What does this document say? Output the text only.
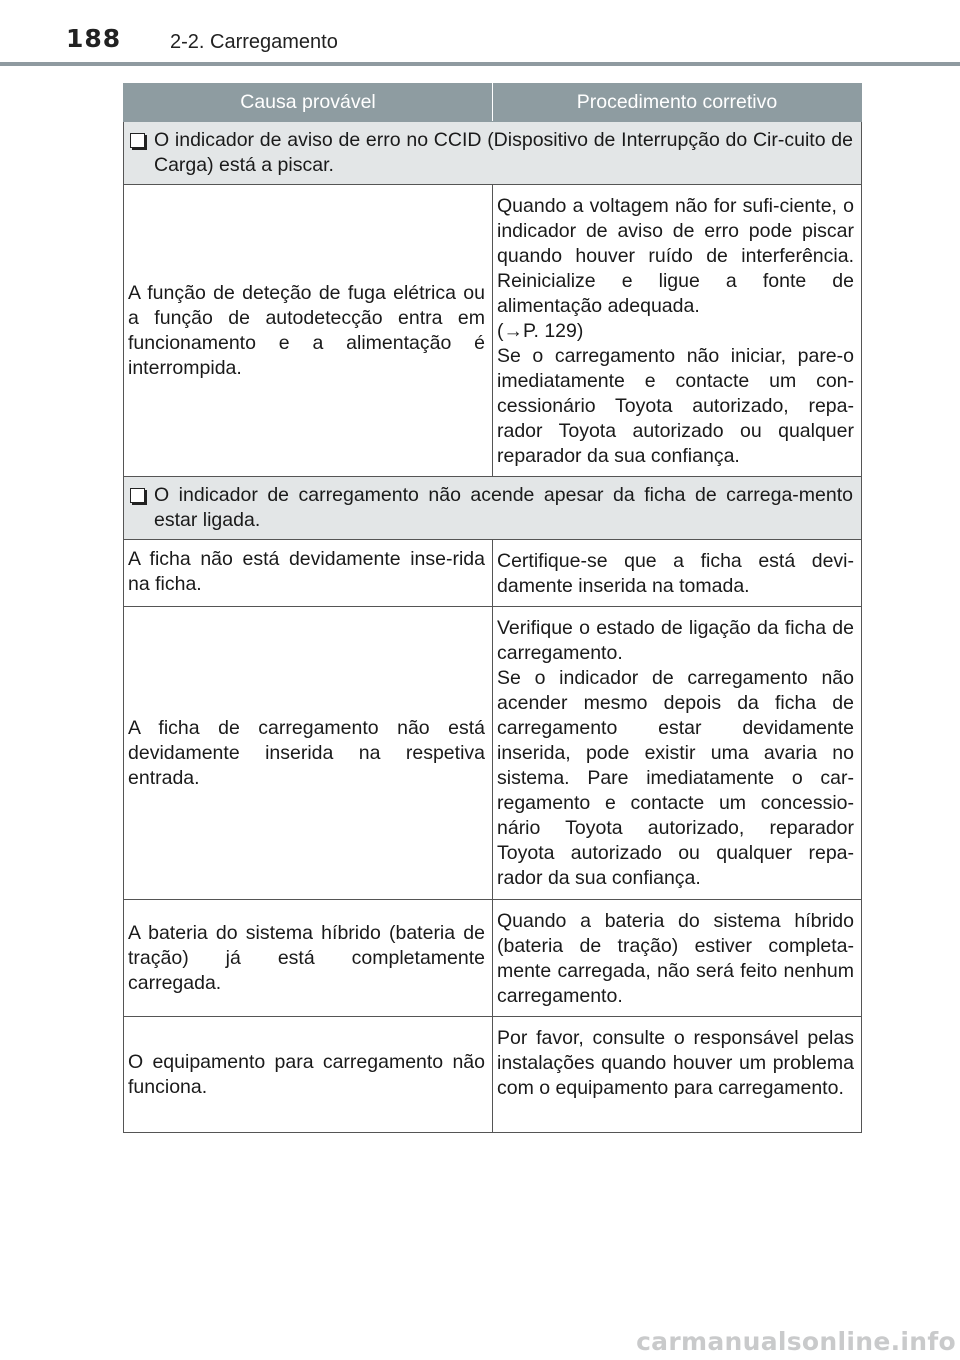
188 2-2. Carregamento
Causa provável	Procedimento corretivo

O indicador de aviso de erro no CCID (Dispositivo de Interrupção do Cir-cuito de Carga) está a piscar.	

A função de deteção de fuga elétrica ou a função de autodetecção entra em funcionamento e a alimentação é interrompida.	Quando a voltagem não for sufi-ciente, o indicador de aviso de erro pode piscar quando houver ruído de interferência. Reinicialize e ligue a fonte de alimentação adequada.
(→P. 129)
Se o carregamento não iniciar, pare-o imediatamente e contacte um con-cessionário Toyota autorizado, repa-rador Toyota autorizado ou qualquer reparador da sua confiança.

O indicador de carregamento não acende apesar da ficha de carrega-mento estar ligada.	

A ficha não está devidamente inse-rida na ficha.	Certifique-se que a ficha está devi-damente inserida na tomada.

A ficha de carregamento não está devidamente inserida na respetiva entrada.	Verifique o estado de ligação da ficha de carregamento.
Se o indicador de carregamento não acender mesmo depois da ficha de carregamento estar devidamente inserida, pode existir uma avaria no sistema. Pare imediatamente o car-regamento e contacte um concessio-nário Toyota autorizado, reparador Toyota autorizado ou qualquer repa-rador da sua confiança.

A bateria do sistema híbrido (bateria de tração) já está completamente carregada.	Quando a bateria do sistema híbrido (bateria de tração) estiver completa-mente carregada, não será feito nenhum carregamento.

O equipamento para carregamento não funciona.	Por favor, consulte o responsável pelas instalações quando houver um problema com o equipamento para carregamento.
carmanualsonline.info
